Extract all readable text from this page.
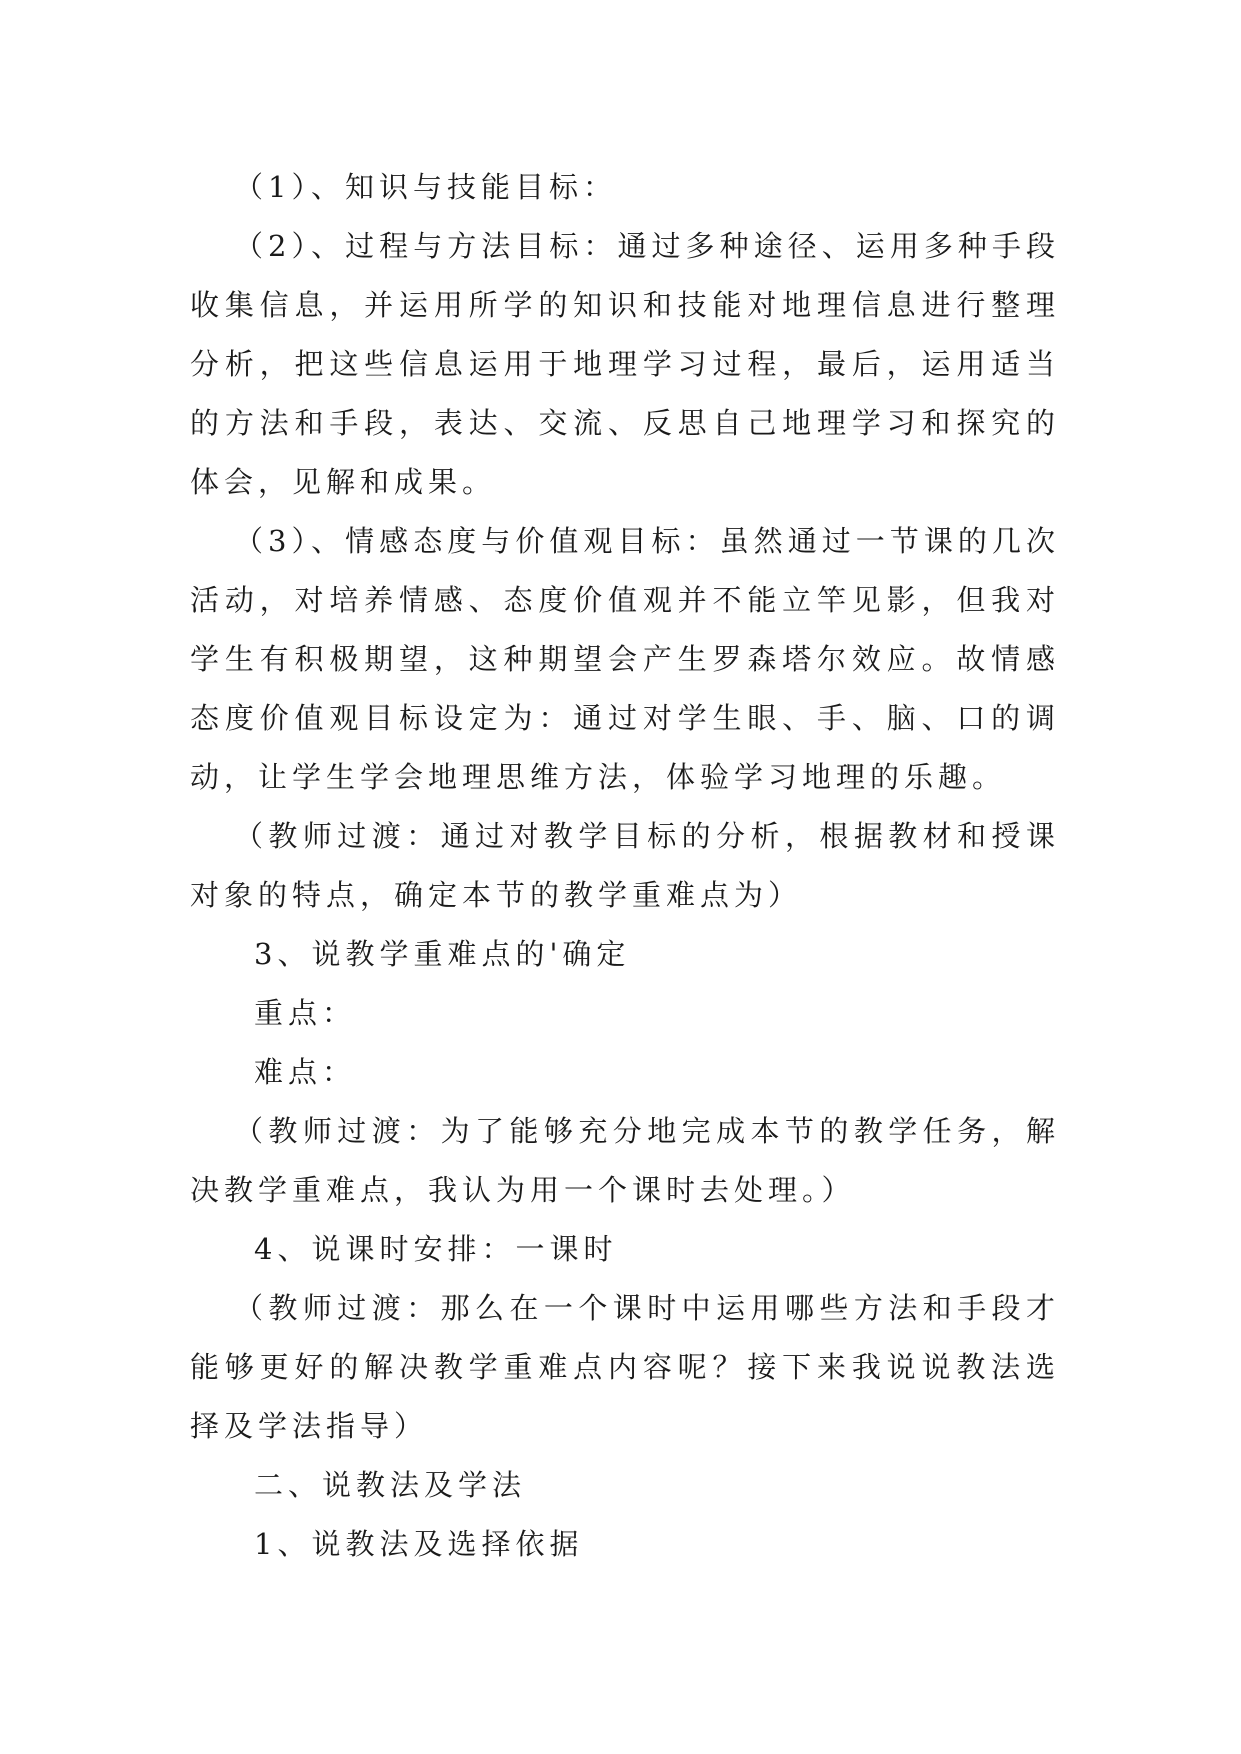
（1）、知识与技能目标：

（2）、过程与方法目标：通过多种途径、运用多种手段收集信息，并运用所学的知识和技能对地理信息进行整理分析，把这些信息运用于地理学习过程，最后，运用适当的方法和手段，表达、交流、反思自己地理学习和探究的体会，见解和成果。

（3）、情感态度与价值观目标：虽然通过一节课的几次活动，对培养情感、态度价值观并不能立竿见影，但我对学生有积极期望，这种期望会产生罗森塔尔效应。故情感态度价值观目标设定为：通过对学生眼、手、脑、口的调动，让学生学会地理思维方法，体验学习地理的乐趣。

（教师过渡：通过对教学目标的分析，根据教材和授课对象的特点，确定本节的教学重难点为）

3、说教学重难点的'确定

重点：

难点：

（教师过渡：为了能够充分地完成本节的教学任务，解决教学重难点，我认为用一个课时去处理。）

4、说课时安排：一课时

（教师过渡：那么在一个课时中运用哪些方法和手段才能够更好的解决教学重难点内容呢？接下来我说说教法选择及学法指导）

二、说教法及学法

1、说教法及选择依据
